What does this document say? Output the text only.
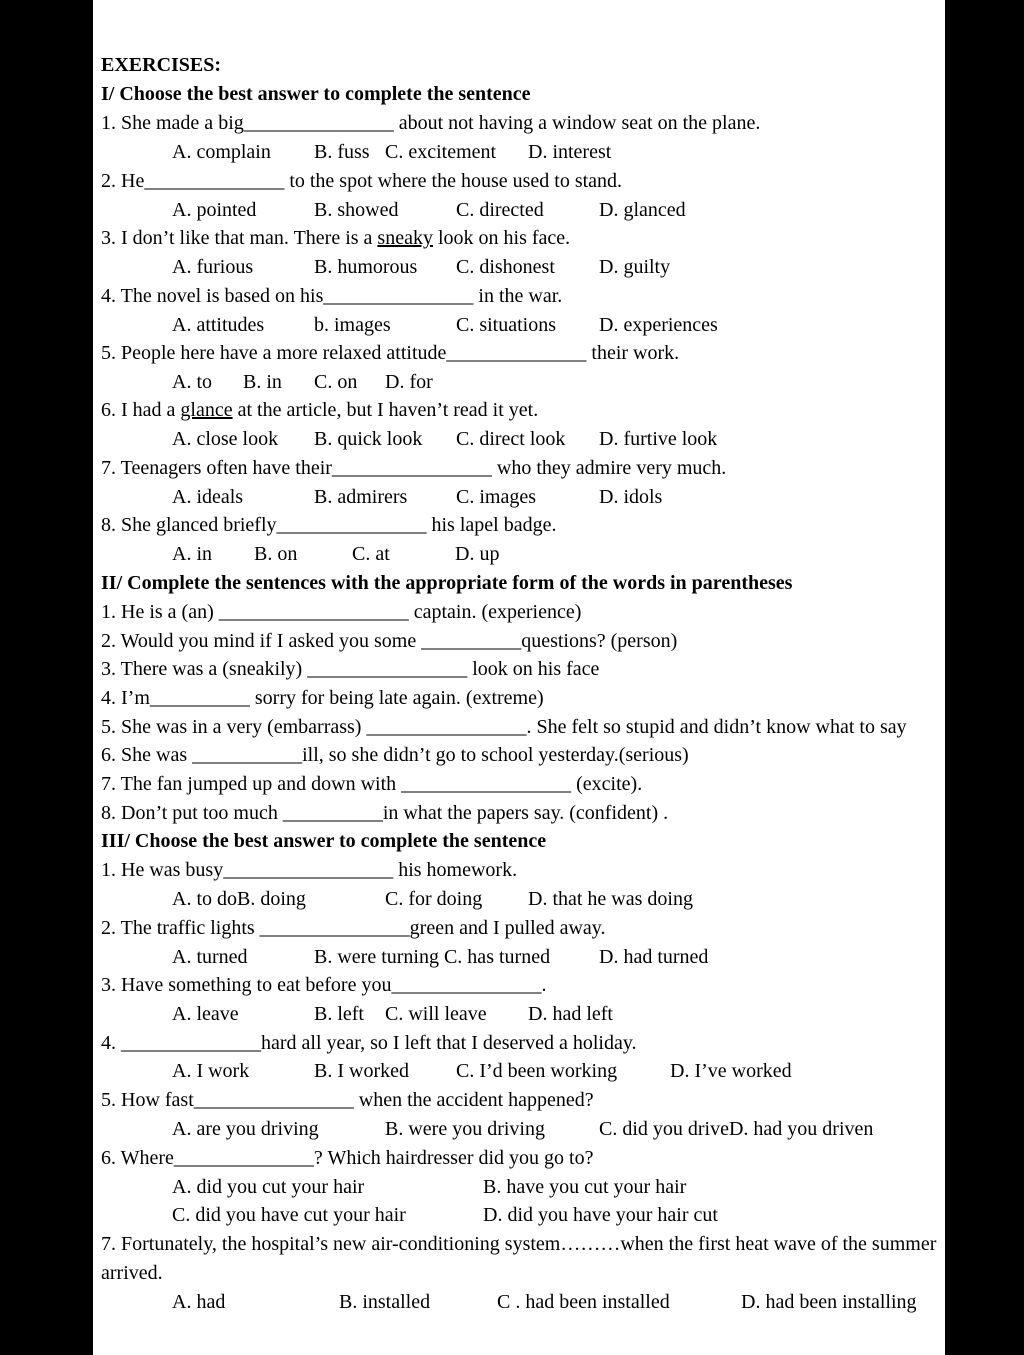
EXERCISES:
I/ Choose the best answer to complete the sentence
1. She made a big_______________ about not having a window seat on the plane.
A. complain B. fuss C. excitement D. interest
2. He______________ to the spot where the house used to stand.
A. pointed	B. showed	C. directed	D. glanced
3. I don’t like that man. There is a sneaky look on his face.
A. furious	B. humorous C. dishonest D. guilty
4. The novel is based on his_______________ in the war.
A. attitudes b. images	C. situations D. experiences
5. People here have a more relaxed attitude______________ their work.
A. to B. in C. on D. for
6. I had a glance at the article, but I haven’t read it yet.
A. close look B. quick look C. direct look D. furtive look
7. Teenagers often have their________________ who they admire very much.
A. ideals	B. admirers C. images	D. idols
8. She glanced briefly_______________ his lapel badge.
A. in B. on	C. at	D. up
II/ Complete the sentences with the appropriate form of the words in parentheses
1. He is a (an) ___________________ captain. (experience)
2. Would you mind if I asked you some __________questions? (person)
3. There was a (sneakily) ________________ look on his face
4. I’m__________ sorry for being late again. (extreme)
5. She was in a very (embarrass) ________________. She felt so stupid and didn’t know what to say
6. She was ___________ill, so she didn’t go to school yesterday.(serious)
7. The fan jumped up and down with _________________ (excite).
8. Don’t put too much __________in what the papers say. (confident) .
III/ Choose the best answer to complete the sentence
1. He was busy_________________ his homework.
A. to doB. doing	C. for doing D. that he was doing
2. The traffic lights _______________green and I pulled away.
A. turned	B. were turning C. has turned D. had turned
3. Have something to eat before you_______________.
A. leave	B. left C. will leave D. had left
4. ______________hard all year, so I left that I deserved a holiday.
A. I work	B. I worked C. I’d been working	D. I’ve worked
5. How fast________________ when the accident happened?
A. are you driving	B. were you driving	C. did you driveD. had you driven
6. Where______________? Which hairdresser did you go to?
A. did you cut your hair	B. have you cut your hair
C. did you have cut your hair	D. did you have your hair cut
7. Fortunately, the hospital’s new air-conditioning system………when the first heat wave of the summer
arrived.
A. had	B. installed	C . had been installed	D. had been installing
